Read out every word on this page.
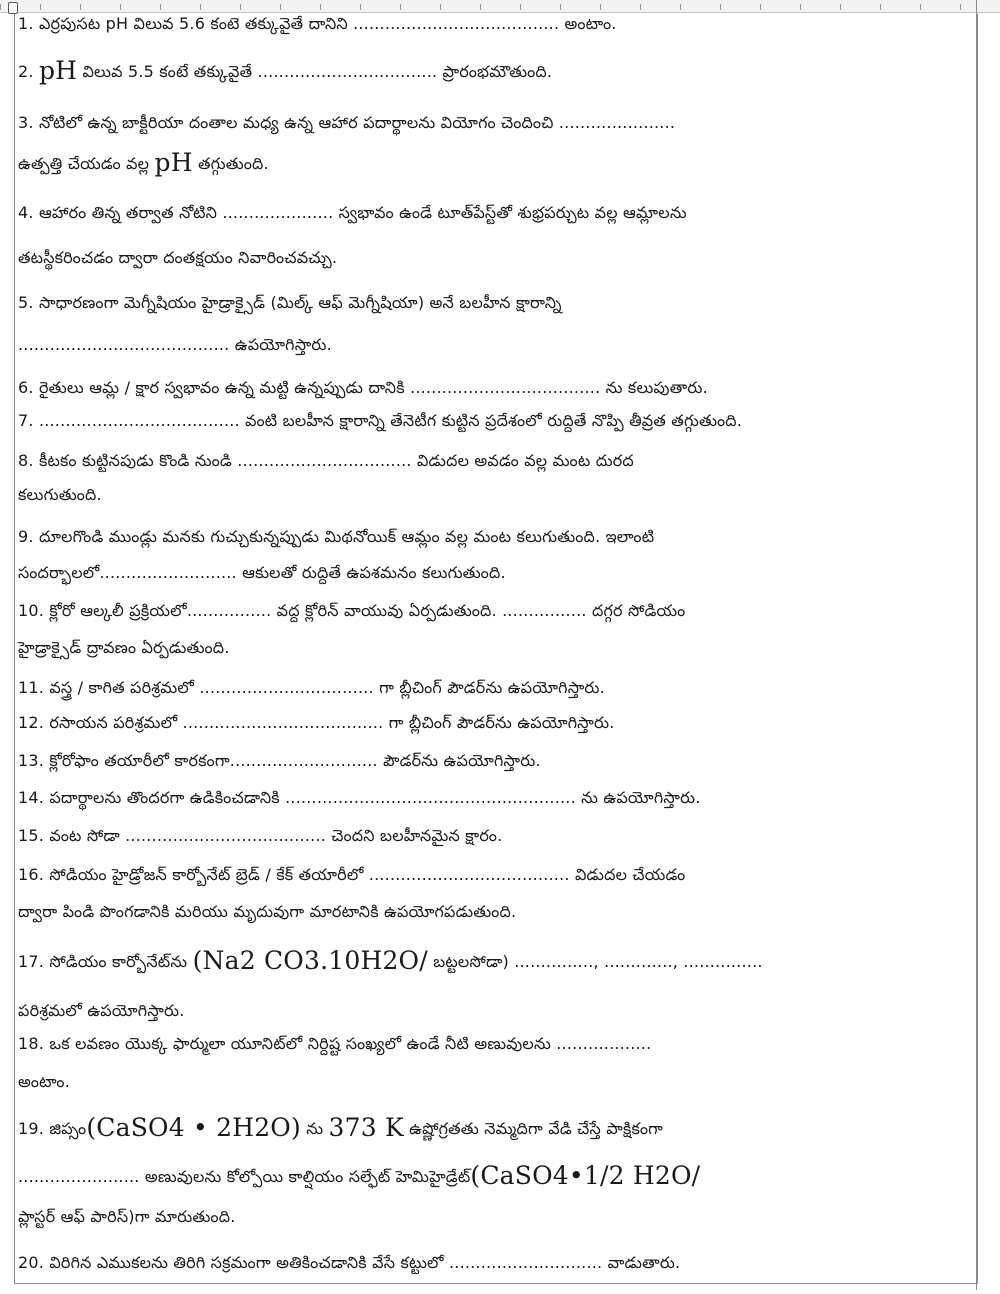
1. ఎర్రపుసట pH విలువ 5.6 కంటె తక్కువైతే దానిని ....................................... అంటాం.
2. pH విలువ 5.5 కంటే తక్కువైతే .................................. ప్రారంభమౌతుంది.
3. నోటిలో ఉన్న బాక్టీరియా దంతాల మధ్య ఉన్న ఆహార పదార్థాలను వియోగం చెందించి ......................
ఉత్పత్తి చేయడం వల్ల pH తగ్గుతుంది.
4. ఆహారం తిన్న తర్వాత నోటిని ..................... స్వభావం ఉండే టూత్‌పేస్ట్‌తో శుభ్రపర్చుట వల్ల ఆమ్లాలను
తటస్థీకరించడం ద్వారా దంతక్షయం నివారించవచ్చు.
5. సాధారణంగా మెగ్నీషియం హైడ్రాక్సైడ్ (మిల్క్ ఆఫ్ మెగ్నీషియా) అనే బలహీన క్షారాన్ని
........................................ ఉపయోగిస్తారు.
6. రైతులు ఆమ్ల / క్షార స్వభావం ఉన్న మట్టి ఉన్నప్పుడు దానికి .................................... ను కలుపుతారు.
7. ...................................... వంటి బలహీన క్షారాన్ని తేనెటీగ కుట్టిన ప్రదేశంలో రుద్దితే నొప్పి తీవ్రత తగ్గుతుంది.
8. కీటకం కుట్టినపుడు కొండి నుండి ................................. విడుదల అవడం వల్ల మంట దురద
కలుగుతుంది.
9. దూలగొండి ముండ్లు మనకు గుచ్చుకున్నప్పుడు మిథనోయిక్ ఆమ్లం వల్ల మంట కలుగుతుంది. ఇలాంటి
సందర్భాలలో.......................... ఆకులతో రుద్దితే ఉపశమనం కలుగుతుంది.
10. క్లోరో ఆల్కలీ ప్రక్రియలో................ వద్ద క్లోరిన్ వాయువు ఏర్పడుతుంది. ................ దగ్గర సోడియం
హైడ్రాక్సైడ్ ద్రావణం ఏర్పడుతుంది.
11. వస్త్ర / కాగిత పరిశ్రమలో ................................. గా బ్లీచింగ్ పౌడర్‌ను ఉపయోగిస్తారు.
12. రసాయన పరిశ్రమలో ...................................... గా బ్లీచింగ్ పౌడర్‌ను ఉపయోగిస్తారు.
13. క్లోరోఫాం తయారీలో కారకంగా............................ పౌడర్‌ను ఉపయోగిస్తారు.
14. పదార్థాలను తొందరగా ఉడికించడానికి ....................................................... ను ఉపయోగిస్తారు.
15. వంట సోడా ...................................... చెందని బలహీనమైన క్షారం.
16. సోడియం హైడ్రోజన్ కార్బోనేట్ బ్రెడ్ / కేక్ తయారీలో ...................................... విడుదల చేయడం
ద్వారా పిండి పొంగడానికి మరియు మృదువుగా మారటానికి ఉపయోగపడుతుంది.
17. సోడియం కార్బోనేట్‌ను (Na2 CO3.10H2O/ బట్టలసోడా) ..............., ............., ...............
పరిశ్రమలో ఉపయోగిస్తారు.
18. ఒక లవణం యొక్క ఫార్ములా యూనిట్‌లో నిర్దిష్ట సంఖ్యలో ఉండే నీటి అణువులను ..................
అంటాం.
19. జిప్సం(CaSO4 • 2H2O) ను 373 K ఉష్ణోగ్రత‌తు నెమ్మదిగా వేడి చేస్తే పాక్షికంగా
....................... అణువులను కోల్పోయి కాల్షియం సల్ఫేట్ హెమిహైడ్రేట్(CaSO4•1/2 H2O/
ప్లాస్టర్ ఆఫ్ పారిస్)గా మారుతుంది.
20. విరిగిన ఎముకలను తిరిగి సక్రమంగా అతికించడానికి వేసే కట్టులో ............................. వాడుతారు.
